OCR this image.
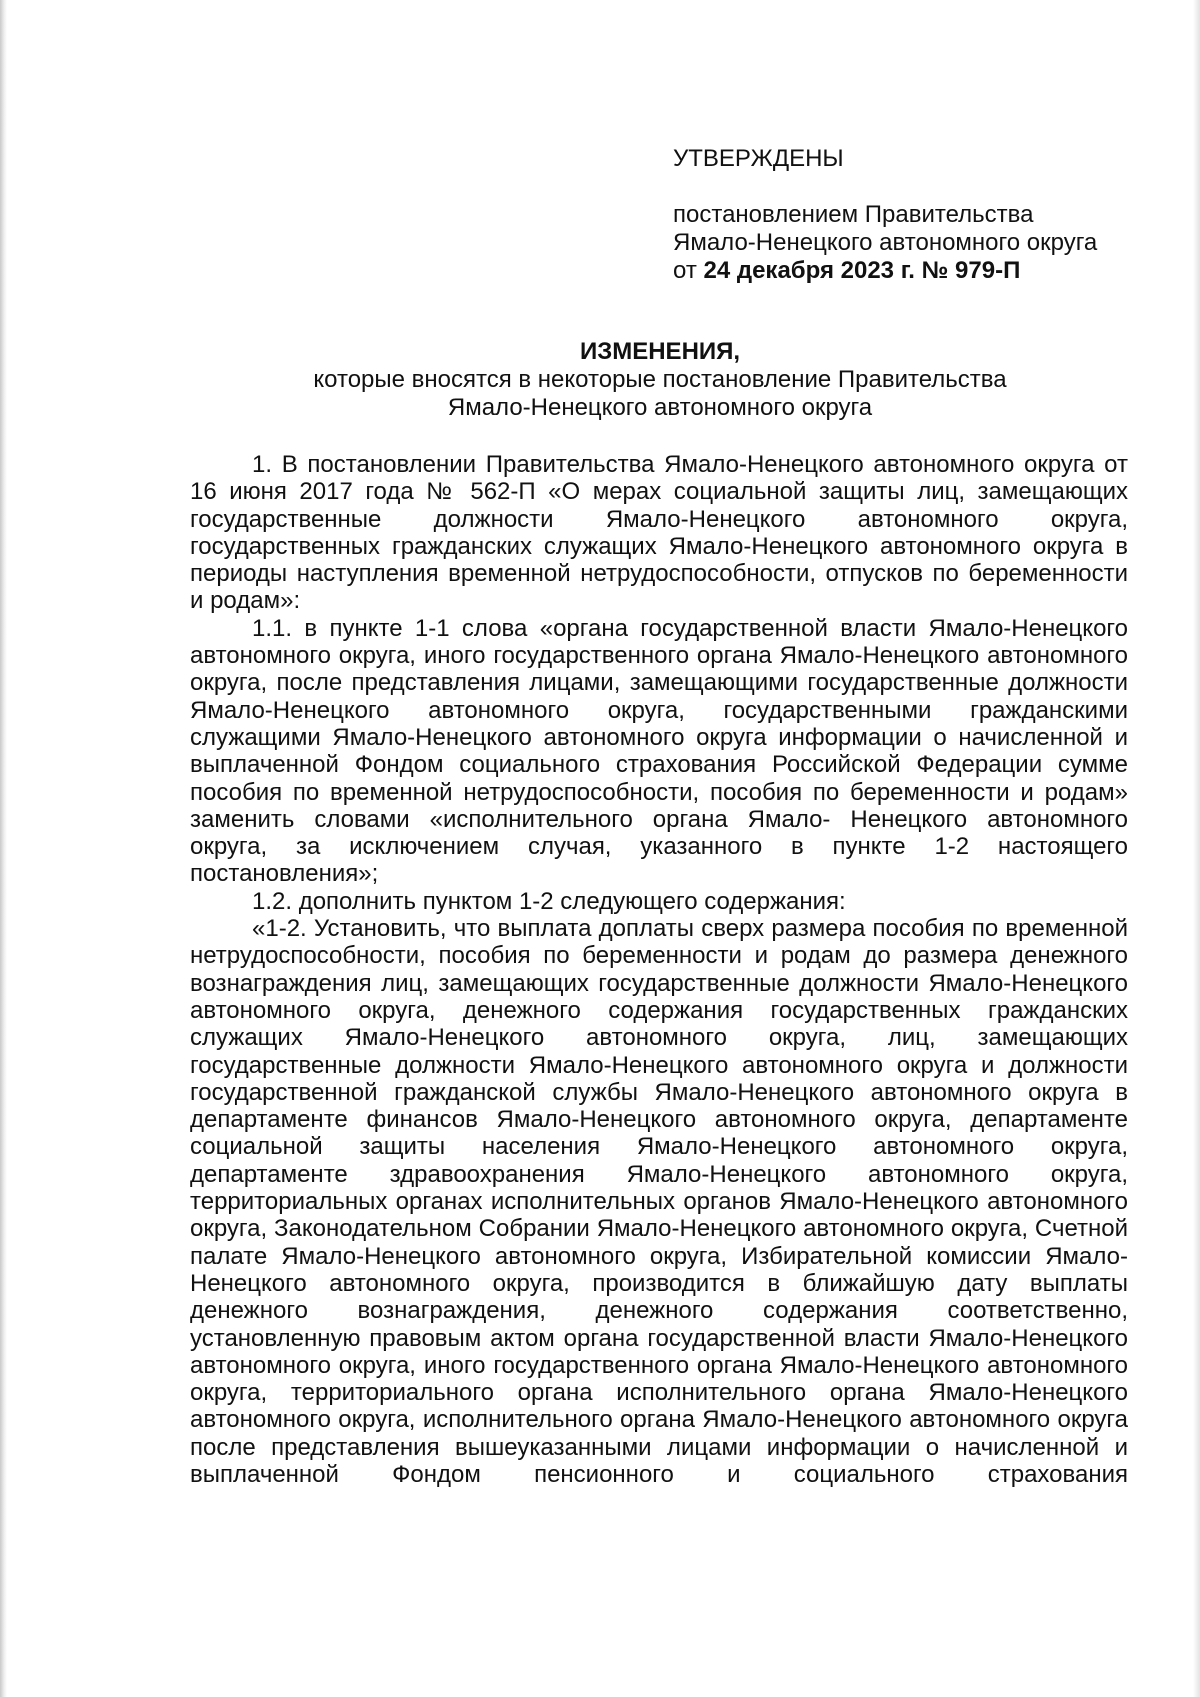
УТВЕРЖДЕНЫ
постановлением Правительства
Ямало-Ненецкого автономного округа
от 24 декабря 2023 г. № 979-П
ИЗМЕНЕНИЯ,
которые вносятся в некоторые постановление Правительства
Ямало-Ненецкого автономного округа

1. В постановлении Правительства Ямало-Ненецкого автономного округа от 16 июня 2017 года № 562-П «О мерах социальной защиты лиц, замещающих государственные должности Ямало-Ненецкого автономного округа, государственных гражданских служащих Ямало-Ненецкого автономного округа в периоды наступления временной нетрудоспособности, отпусков по беременности и родам»:

1.1. в пункте 1-1 слова «органа государственной власти Ямало-Ненецкого автономного округа, иного государственного органа Ямало-Ненецкого автономного округа, после представления лицами, замещающими государственные должности Ямало-Ненецкого автономного округа, государственными гражданскими служащими Ямало-Ненецкого автономного округа информации о начисленной и выплаченной Фондом социального страхования Российской Федерации сумме пособия по временной нетрудоспособности, пособия по беременности и родам» заменить словами «исполнительного органа Ямало- Ненецкого автономного округа, за исключением случая, указанного в пункте 1-2 настоящего постановления»;

1.2. дополнить пунктом 1-2 следующего содержания:

«1-2. Установить, что выплата доплаты сверх размера пособия по временной нетрудоспособности, пособия по беременности и родам до размера денежного вознаграждения лиц, замещающих государственные должности Ямало-Ненецкого автономного округа, денежного содержания государственных гражданских служащих Ямало-Ненецкого автономного округа, лиц, замещающих государственные должности Ямало-Ненецкого автономного округа и должности государственной гражданской службы Ямало-Ненецкого автономного округа в департаменте финансов Ямало-Ненецкого автономного округа, департаменте социальной защиты населения Ямало-Ненецкого автономного округа, департаменте здравоохранения Ямало-Ненецкого автономного округа, территориальных органах исполнительных органов Ямало-Ненецкого автономного округа, Законодательном Собрании Ямало-Ненецкого автономного округа, Счетной палате Ямало-Ненецкого автономного округа, Избирательной комиссии Ямало-Ненецкого автономного округа, производится в ближайшую дату выплаты денежного вознаграждения, денежного содержания соответственно, установленную правовым актом органа государственной власти Ямало-Ненецкого автономного округа, иного государственного органа Ямало-Ненецкого автономного округа, территориального органа исполнительного органа Ямало-Ненецкого автономного округа, исполнительного органа Ямало-Ненецкого автономного округа после представления вышеуказанными лицами информации о начисленной и выплаченной Фондом пенсионного и социального страхования
